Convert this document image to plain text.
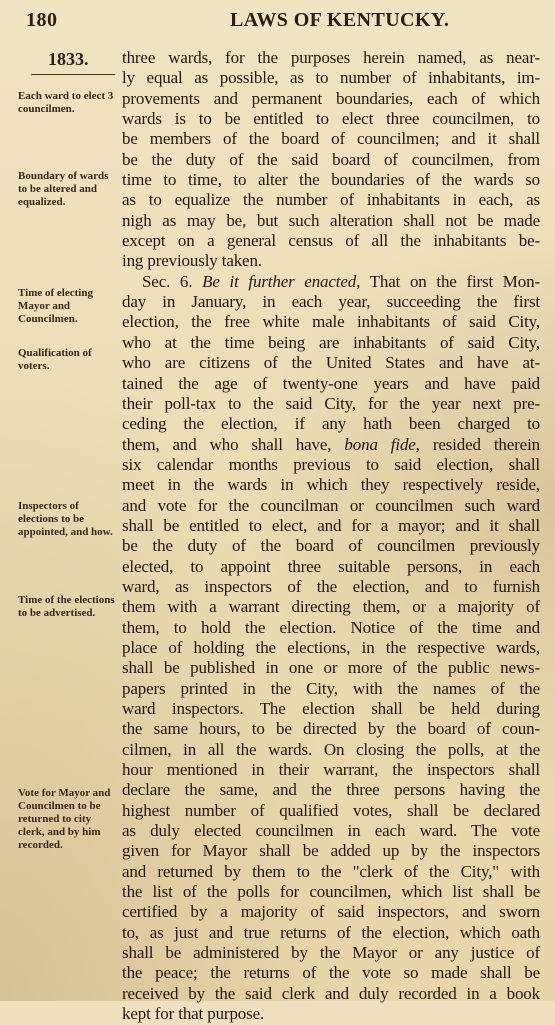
180	LAWS OF KENTUCKY.
1833.
Each ward to elect 3 councilmen.
Boundary of wards to be altered and equalized.
Time of electing Mayor and Councilmen.
Qualification of voters.
Inspectors of elections to be appointed, and how.
Time of the elections to be advertised.
Vote for Mayor and Councilmen to be returned to city clerk, and by him recorded.
three wards, for the purposes herein named, as near-
ly equal as possible, as to number of inhabitants, im-
provements and permanent boundaries, each of which
wards is to be entitled to elect three councilmen, to
be members of the board of councilmen; and it shall
be the duty of the said board of councilmen, from
time to time, to alter the boundaries of the wards so
as to equalize the number of inhabitants in each, as
nigh as may be, but such alteration shall not be made
except on a general census of all the inhabitants be-
ing previously taken.
Sec. 6. Be it further enacted, That on the first Mon-
day in January, in each year, succeeding the first
election, the free white male inhabitants of said City,
who at the time being are inhabitants of said City,
who are citizens of the United States and have at-
tained the age of twenty-one years and have paid
their poll-tax to the said City, for the year next pre-
ceding the election, if any hath been charged to
them, and who shall have, bona fide, resided therein
six calendar months previous to said election, shall
meet in the wards in which they respectively reside,
and vote for the councilman or councilmen such ward
shall be entitled to elect, and for a mayor; and it shall
be the duty of the board of councilmen previously
elected, to appoint three suitable persons, in each
ward, as inspectors of the election, and to furnish
them with a warrant directing them, or a majority of
them, to hold the election. Notice of the time and
place of holding the elections, in the respective wards,
shall be published in one or more of the public news-
papers printed in the City, with the names of the
ward inspectors. The election shall be held during
the same hours, to be directed by the board of coun-
cilmen, in all the wards. On closing the polls, at the
hour mentioned in their warrant, the inspectors shall
declare the same, and the three persons having the
highest number of qualified votes, shall be declared
as duly elected councilmen in each ward. The vote
given for Mayor shall be added up by the inspectors
and returned by them to the "clerk of the City," with
the list of the polls for councilmen, which list shall be
certified by a majority of said inspectors, and sworn
to, as just and true returns of the election, which oath
shall be administered by the Mayor or any justice of
the peace; the returns of the vote so made shall be
received by the said clerk and duly recorded in a book
kept for that purpose.
